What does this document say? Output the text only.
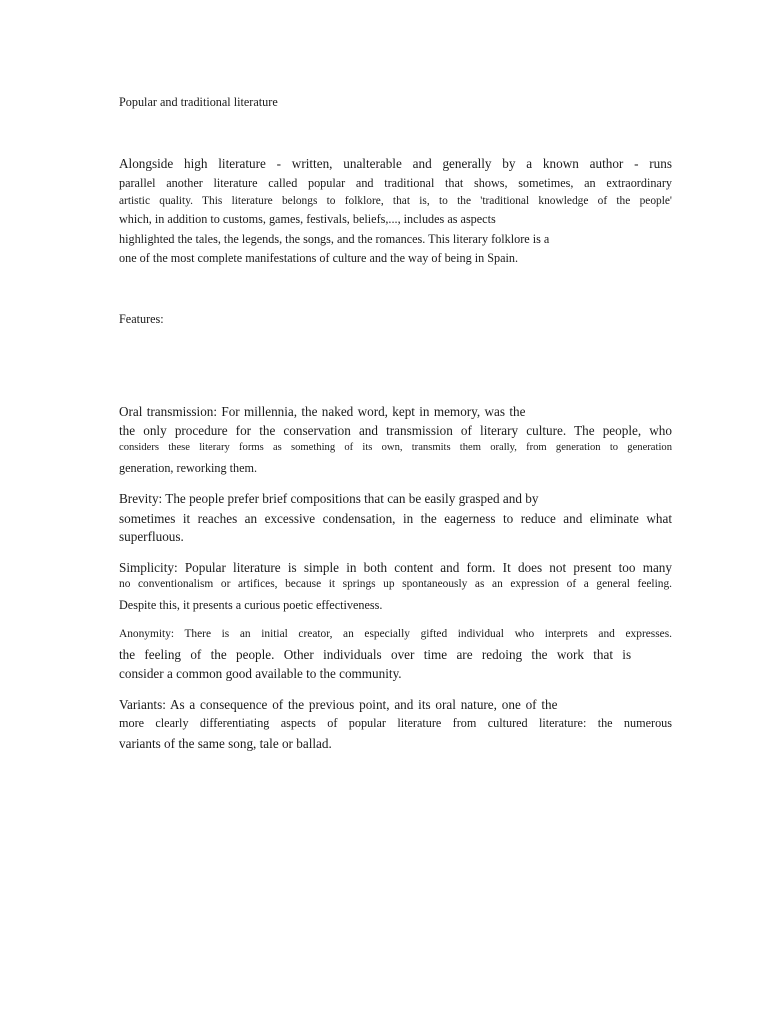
Popular and traditional literature
Alongside high literature - written, unalterable and generally by a known author - runs
parallel another literature called popular and traditional that shows, sometimes, an extraordinary
artistic quality. This literature belongs to folklore, that is, to the 'traditional knowledge of the people'
which, in addition to customs, games, festivals, beliefs,..., includes as aspects
highlighted the tales, the legends, the songs, and the romances. This literary folklore is a
one of the most complete manifestations of culture and the way of being in Spain.
Features:
Oral transmission: For millennia, the naked word, kept in memory, was the
the only procedure for the conservation and transmission of literary culture. The people, who
considers these literary forms as something of its own, transmits them orally, from generation to generation
generation, reworking them.
Brevity: The people prefer brief compositions that can be easily grasped and by
sometimes it reaches an excessive condensation, in the eagerness to reduce and eliminate what
superfluous.
Simplicity: Popular literature is simple in both content and form. It does not present too many
no conventionalism or artifices, because it springs up spontaneously as an expression of a general feeling.
Despite this, it presents a curious poetic effectiveness.
Anonymity: There is an initial creator, an especially gifted individual who interprets and expresses.
the feeling of the people. Other individuals over time are redoing the work that is
consider a common good available to the community.
Variants: As a consequence of the previous point, and its oral nature, one of the
more clearly differentiating aspects of popular literature from cultured literature: the numerous
variants of the same song, tale or ballad.
